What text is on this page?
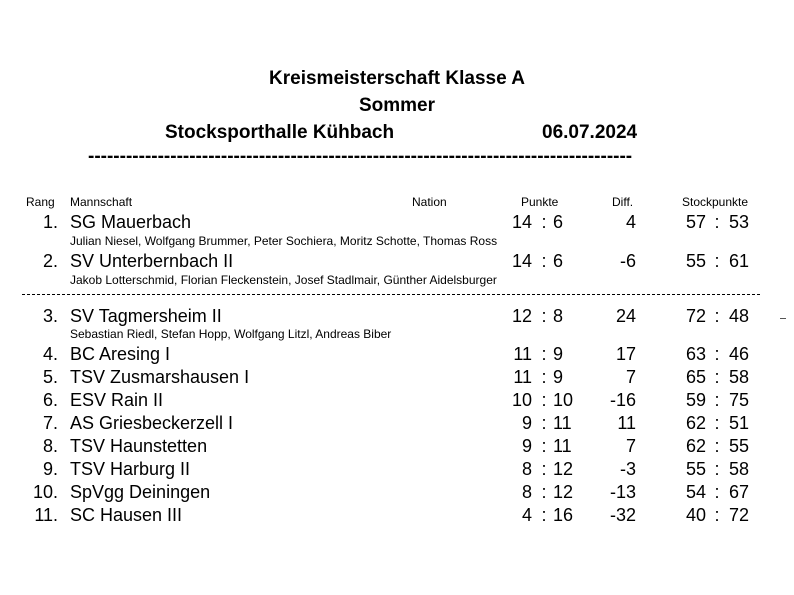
Kreismeisterschaft Klasse A
Sommer
Stocksporthalle Kühbach	06.07.2024
--------------------------------------------------------------------------------------
Rang Mannschaft	Nation	Punkte	Diff.	Stockpunkte
1. SG Mauerbach	14 : 6	4	57 : 53
Julian Niesel, Wolfgang Brummer, Peter Sochiera, Moritz Schotte, Thomas Ross
2. SV Unterbernbach II	14 : 6	-6	55 : 61
Jakob Lotterschmid, Florian Fleckenstein, Josef Stadlmair, Günther Aidelsburger
3. SV Tagmersheim II	12 : 8	24	72 : 48
Sebastian Riedl, Stefan Hopp, Wolfgang Litzl, Andreas Biber
4. BC Aresing I	11 : 9	17	63 : 46
5. TSV Zusmarshausen I	11 : 9	7	65 : 58
6. ESV Rain II	10 : 10	-16	59 : 75
7. AS Griesbeckerzell I	9 : 11	11	62 : 51
8. TSV Haunstetten	9 : 11	7	62 : 55
9. TSV Harburg II	8 : 12	-3	55 : 58
10. SpVgg Deiningen	8 : 12	-13	54 : 67
11. SC Hausen III	4 : 16	-32	40 : 72
